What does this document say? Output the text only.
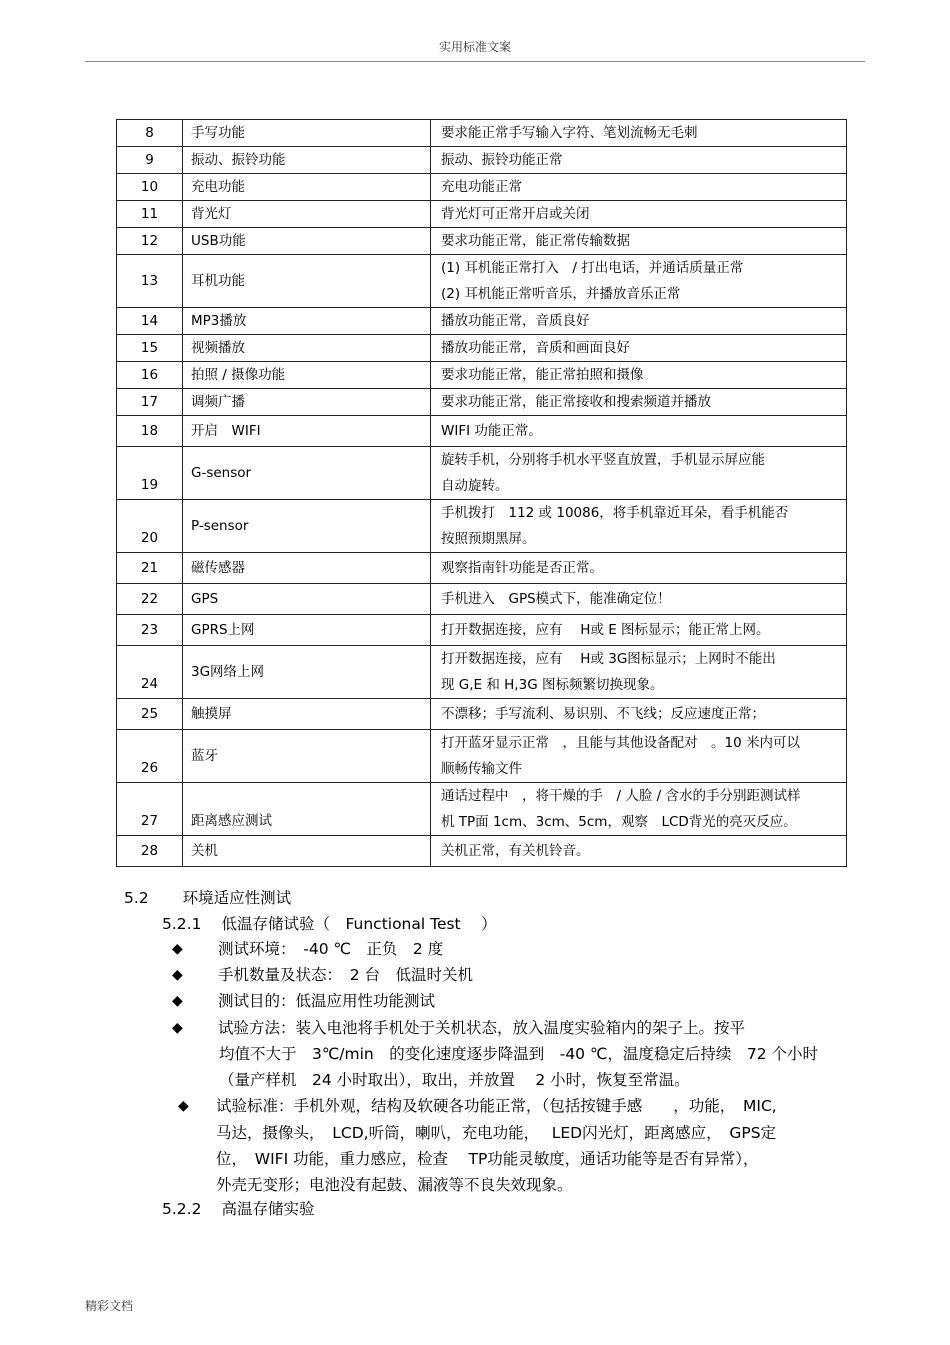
实用标准文案
8	手写功能	要求能正常手写输入字符、笔划流畅无毛刺

9	振动、振铃功能	振动、振铃功能正常

10	充电功能	充电功能正常

11	背光灯	背光灯可正常开启或关闭

12	USB功能	要求功能正常，能正常传输数据

13	耳机功能	(1) 耳机能正常打入　/ 打出电话，并通话质量正常
(2) 耳机能正常听音乐，并播放音乐正常

14	MP3播放	播放功能正常，音质良好

15	视频播放	播放功能正常，音质和画面良好

16	拍照 / 摄像功能	要求功能正常，能正常拍照和摄像

17	调频广播	要求功能正常，能正常接收和搜索频道并播放

18	开启　WIFI	WIFI 功能正常。

19	G-sensor	旋转手机，分别将手机水平竖直放置，手机显示屏应能
自动旋转。

20	P-sensor	手机拨打　112 或 10086，将手机靠近耳朵，看手机能否
按照预期黑屏。

21	磁传感器	观察指南针功能是否正常。

22	GPS	手机进入　GPS模式下，能准确定位！

23	GPRS上网	打开数据连接，应有　 H或 E 图标显示；能正常上网。

24	3G网络上网	打开数据连接，应有　 H或 3G图标显示；上网时不能出
现 G,E 和 H,3G 图标频繁切换现象。

25	触摸屏	不漂移；手写流利、易识别、不飞线；反应速度正常；

26	蓝牙	打开蓝牙显示正常　，且能与其他设备配对　。10 米内可以
顺畅传输文件

27	距离感应测试	通话过程中　，将干燥的手　/ 人脸 / 含水的手分别距测试样
机 TP面 1cm、3cm、5cm，观察　LCD背光的亮灭反应。

28	关机	关机正常，有关机铃音。
5.2 环境适应性测试
5.2.1 低温存储试验（　Functional Test　 ）
◆ 测试环境：　-40 ℃　正负　2 度
◆ 手机数量及状态：　2 台　低温时关机
◆ 测试目的：低温应用性功能测试
◆ 试验方法：装入电池将手机处于关机状态，放入温度实验箱内的架子上。按平
均值不大于　3℃/min　的变化速度逐步降温到　-40 ℃，温度稳定后持续　72 个小时
（量产样机　24 小时取出），取出，并放置　 2 小时，恢复至常温。
◆ 试验标准：手机外观，结构及软硬各功能正常，（包括按键手感　　，功能，　MIC,
马达，摄像头，　LCD,听筒，喇叭，充电功能，　 LED闪光灯，距离感应，　GPS定
位，　WIFI 功能，重力感应，检查　 TP功能灵敏度，通话功能等是否有异常），
外壳无变形；电池没有起鼓、漏液等不良失效现象。
5.2.2 高温存储实验
精彩文档
